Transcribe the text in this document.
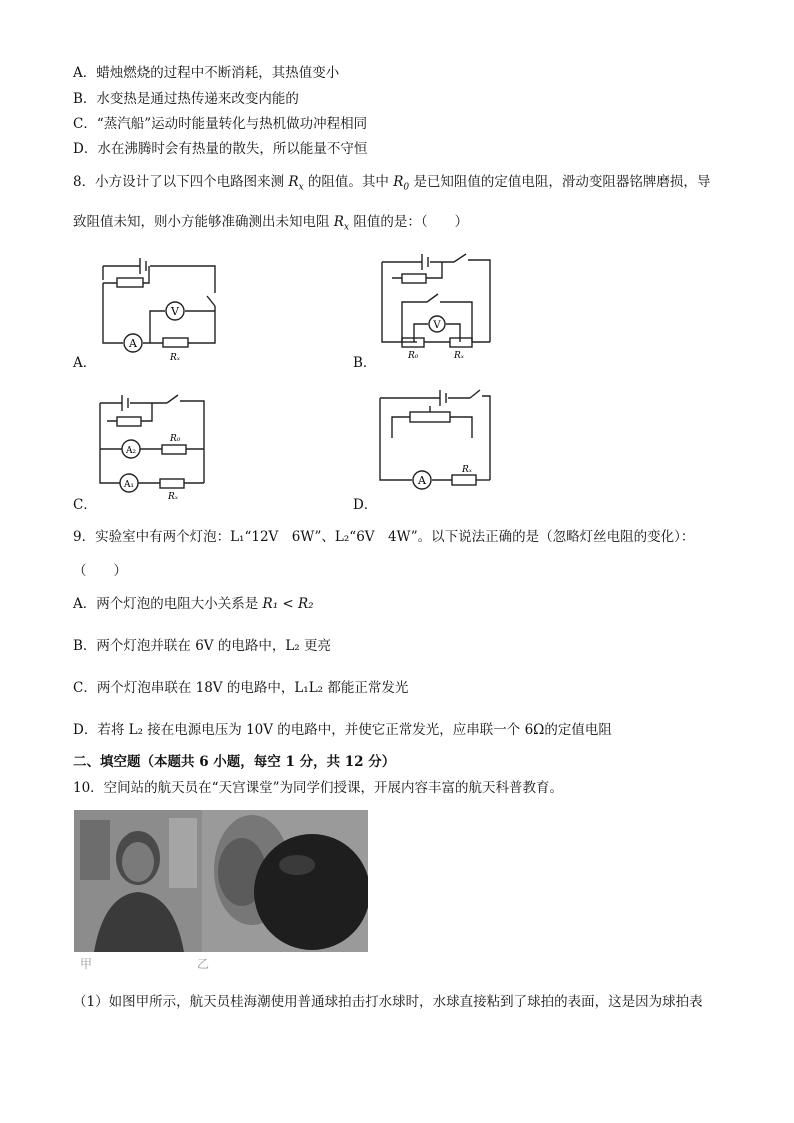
A．蜡烛燃烧的过程中不断消耗，其热值变小
B．水变热是通过热传递来改变内能的
C．“蒸汽船”运动时能量转化与热机做功冲程相同
D．水在沸腾时会有热量的散失，所以能量不守恒
8．小方设计了以下四个电路图来测 $R_x$ 的阻值。其中 $R_0$ 是已知阻值的定值电阻，滑动变阻器铭牌磨损，导
致阻值未知，则小方能够准确测出未知电阻 $R_x$ 阻值的是：（　　）
A．
A
V
Rₓ	B．
V
R₀	Rₓ
C．
A₂
A₁
R₀
Rₓ	D．
A
Rₓ
9．实验室中有两个灯泡：L₁“12V　6W”、L₂“6V　4W”。以下说法正确的是（忽略灯丝电阻的变化）：
（　　）
A．两个灯泡的电阻大小关系是 R₁ < R₂
B．两个灯泡并联在 6V 的电路中，L₂ 更亮
C．两个灯泡串联在 18V 的电路中，L₁L₂ 都能正常发光
D．若将 L₂ 接在电源电压为 10V 的电路中，并使它正常发光，应串联一个 6Ω的定值电阻
二、填空题（本题共 6 小题，每空 1 分，共 12 分）
10．空间站的航天员在“天宫课堂”为同学们授课，开展内容丰富的航天科普教育。
甲　　　　　　　　乙
（1）如图甲所示，航天员桂海潮使用普通球拍击打水球时，水球直接粘到了球拍的表面，这是因为球拍表
